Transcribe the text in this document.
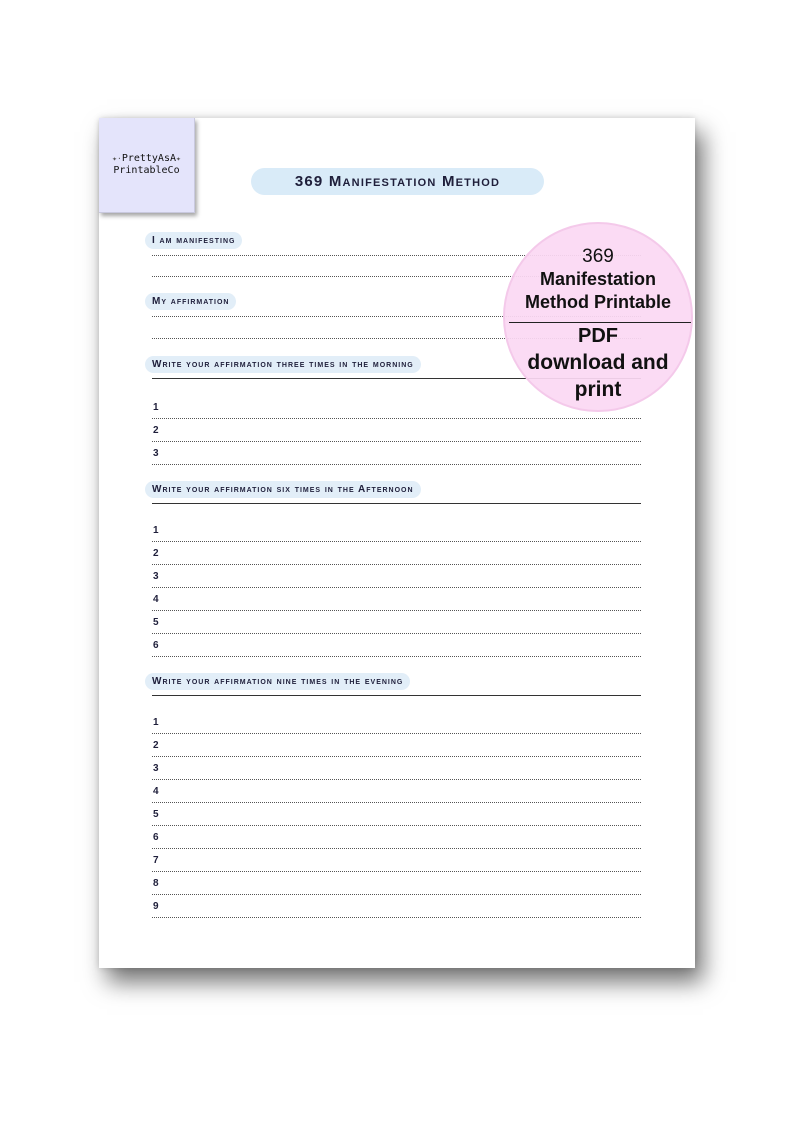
✦·PrettyAsA✦
PrintableCo
369 Manifestation Method
I am manifesting
My affirmation
Write your affirmation three times in the morning
Write your affirmation six times in the Afternoon
Write your affirmation nine times in the evening
1
2
3
1
2
3
4
5
6
1
2
3
4
5
6
7
8
9
369
Manifestation
Method Printable
PDF
download and
print
